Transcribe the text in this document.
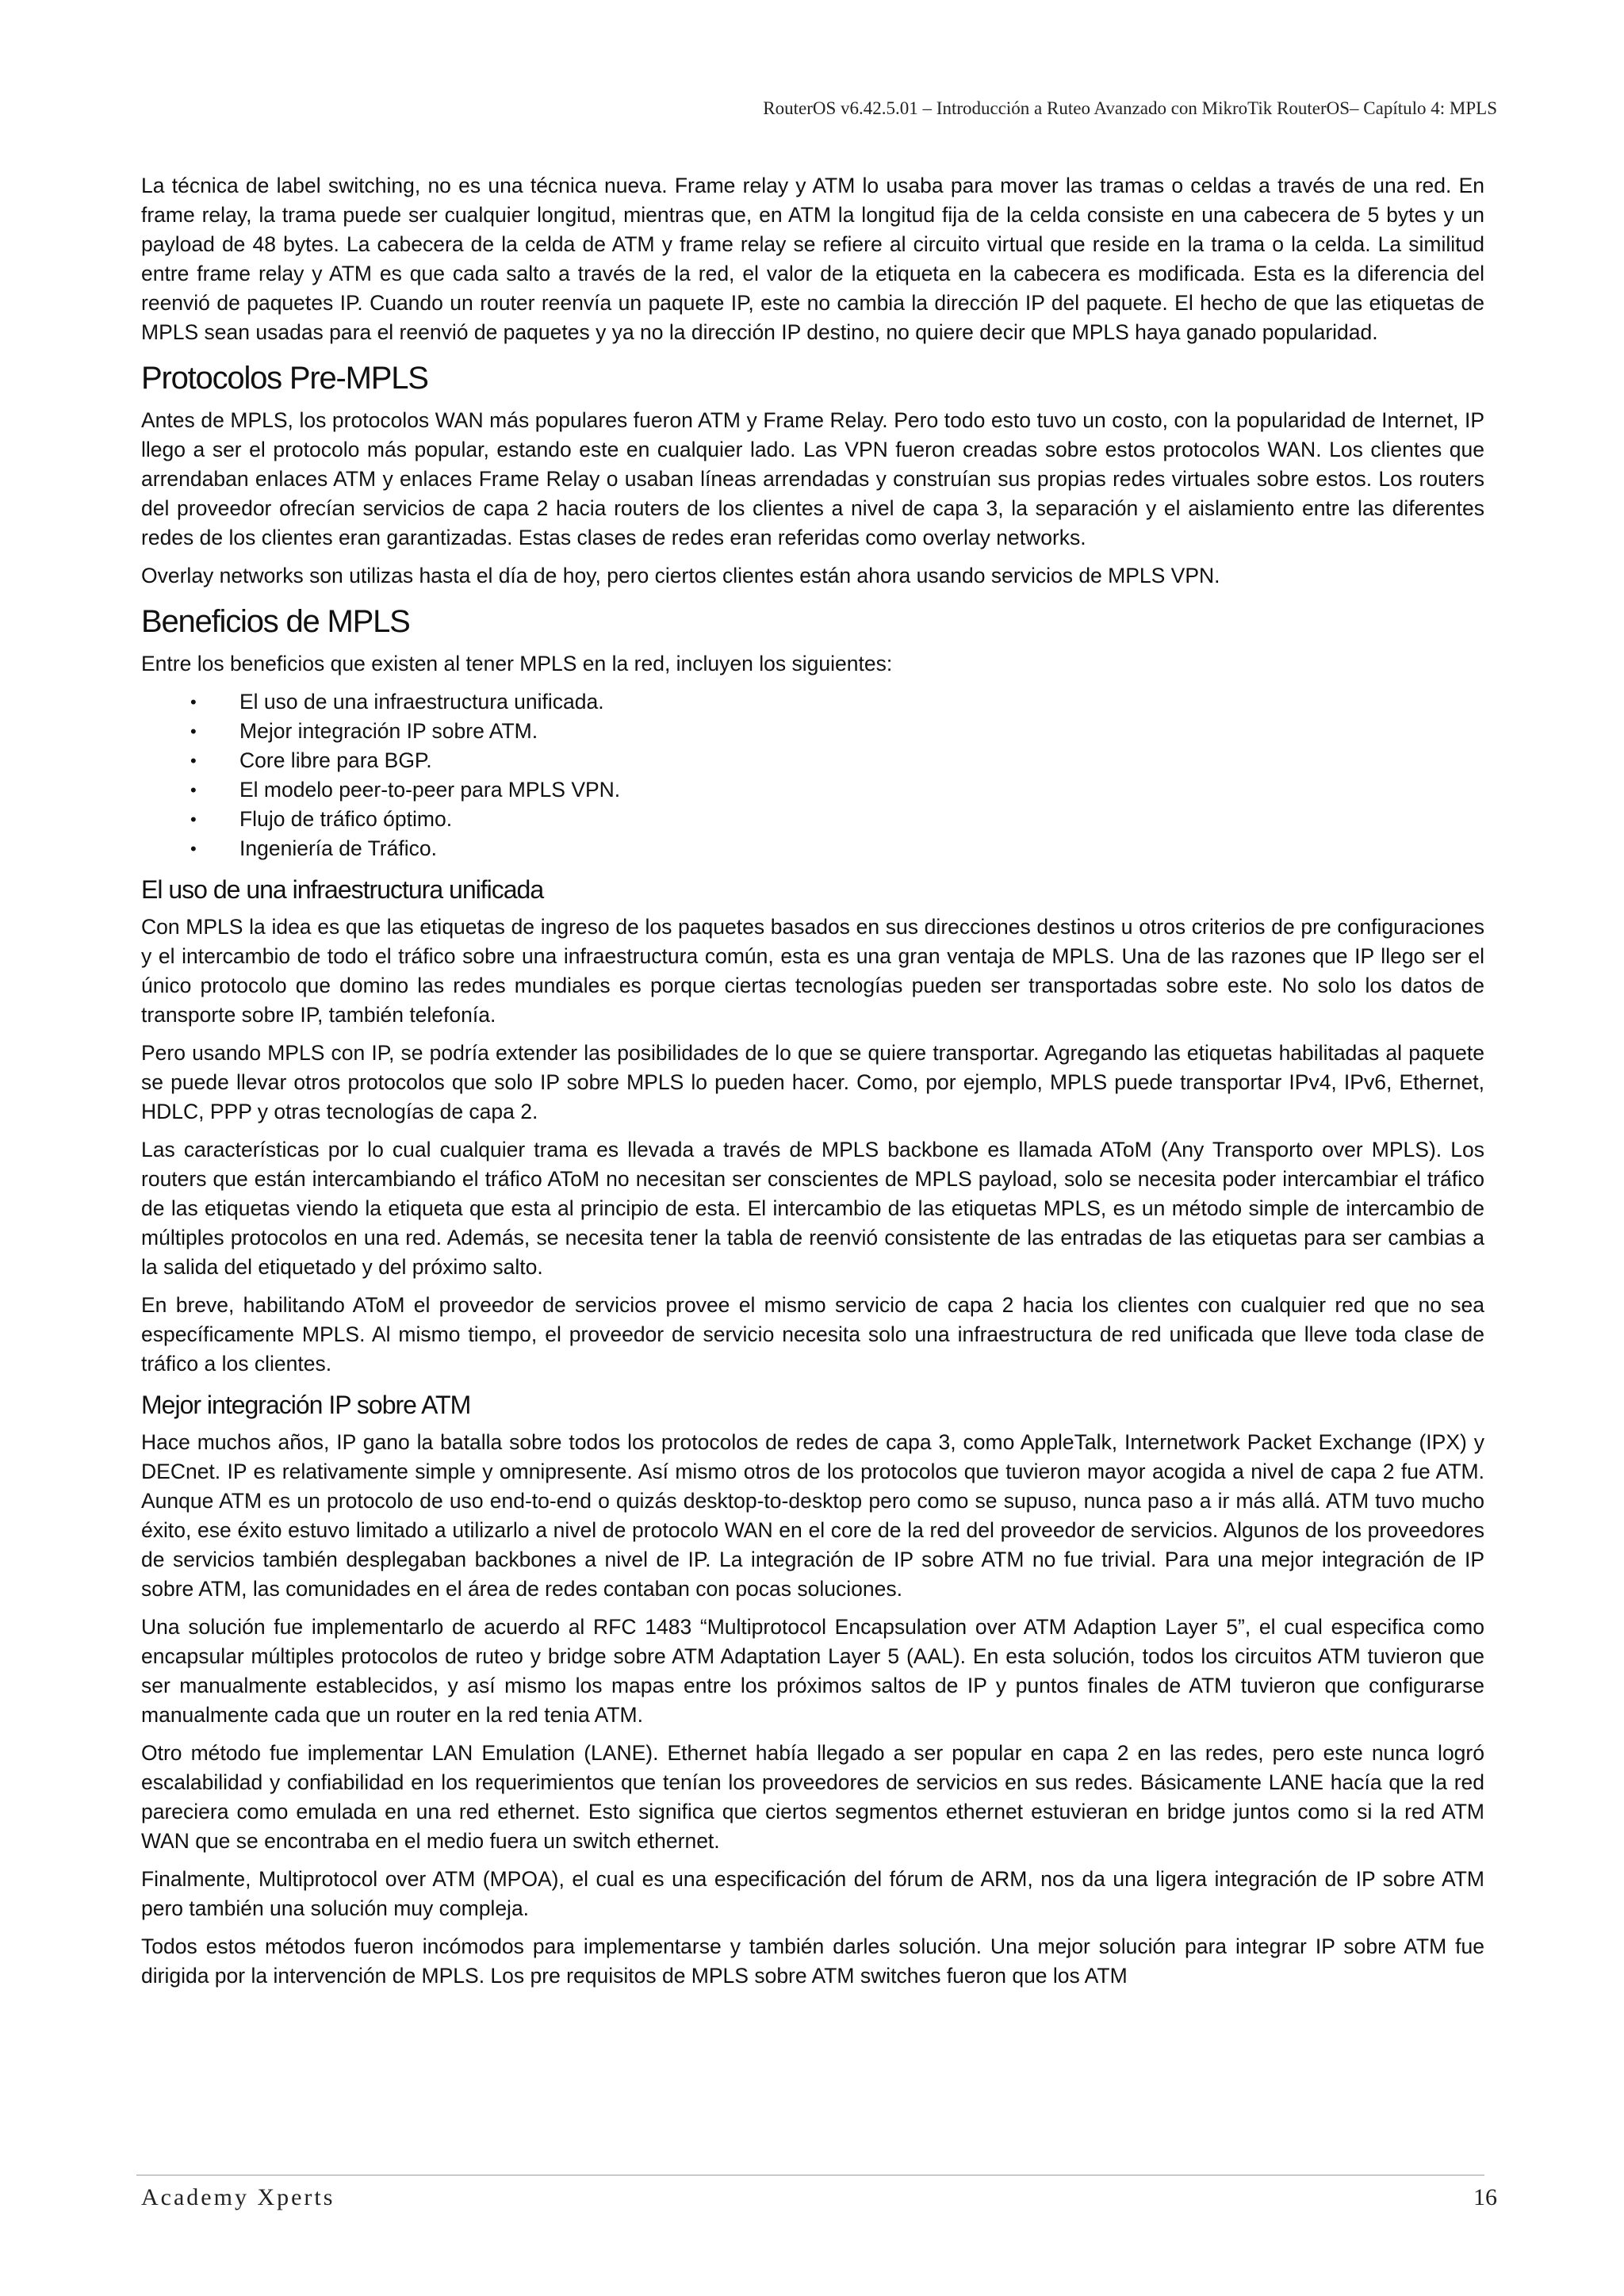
RouterOS v6.42.5.01 – Introducción a Ruteo Avanzado con MikroTik RouterOS– Capítulo 4: MPLS

La técnica de label switching, no es una técnica nueva. Frame relay y ATM lo usaba para mover las tramas o celdas a través de una red. En frame relay, la trama puede ser cualquier longitud, mientras que, en ATM la longitud fija de la celda consiste en una cabecera de 5 bytes y un payload de 48 bytes. La cabecera de la celda de ATM y frame relay se refiere al circuito virtual que reside en la trama o la celda. La similitud entre frame relay y ATM es que cada salto a través de la red, el valor de la etiqueta en la cabecera es modificada. Esta es la diferencia del reenvió de paquetes IP. Cuando un router reenvía un paquete IP, este no cambia la dirección IP del paquete. El hecho de que las etiquetas de MPLS sean usadas para el reenvió de paquetes y ya no la dirección IP destino, no quiere decir que MPLS haya ganado popularidad.

Protocolos Pre-MPLS

Antes de MPLS, los protocolos WAN más populares fueron ATM y Frame Relay. Pero todo esto tuvo un costo, con la popularidad de Internet, IP llego a ser el protocolo más popular, estando este en cualquier lado. Las VPN fueron creadas sobre estos protocolos WAN. Los clientes que arrendaban enlaces ATM y enlaces Frame Relay o usaban líneas arrendadas y construían sus propias redes virtuales sobre estos. Los routers del proveedor ofrecían servicios de capa 2 hacia routers de los clientes a nivel de capa 3, la separación y el aislamiento entre las diferentes redes de los clientes eran garantizadas. Estas clases de redes eran referidas como overlay networks.

Overlay networks son utilizas hasta el día de hoy, pero ciertos clientes están ahora usando servicios de MPLS VPN.

Beneficios de MPLS

Entre los beneficios que existen al tener MPLS en la red, incluyen los siguientes:

• El uso de una infraestructura unificada.
• Mejor integración IP sobre ATM.
• Core libre para BGP.
• El modelo peer-to-peer para MPLS VPN.
• Flujo de tráfico óptimo.
• Ingeniería de Tráfico.
El uso de una infraestructura unificada

Con MPLS la idea es que las etiquetas de ingreso de los paquetes basados en sus direcciones destinos u otros criterios de pre configuraciones y el intercambio de todo el tráfico sobre una infraestructura común, esta es una gran ventaja de MPLS. Una de las razones que IP llego ser el único protocolo que domino las redes mundiales es porque ciertas tecnologías pueden ser transportadas sobre este. No solo los datos de transporte sobre IP, también telefonía.

Pero usando MPLS con IP, se podría extender las posibilidades de lo que se quiere transportar. Agregando las etiquetas habilitadas al paquete se puede llevar otros protocolos que solo IP sobre MPLS lo pueden hacer. Como, por ejemplo, MPLS puede transportar IPv4, IPv6, Ethernet, HDLC, PPP y otras tecnologías de capa 2.

Las características por lo cual cualquier trama es llevada a través de MPLS backbone es llamada AToM (Any Transporto over MPLS). Los routers que están intercambiando el tráfico AToM no necesitan ser conscientes de MPLS payload, solo se necesita poder intercambiar el tráfico de las etiquetas viendo la etiqueta que esta al principio de esta. El intercambio de las etiquetas MPLS, es un método simple de intercambio de múltiples protocolos en una red. Además, se necesita tener la tabla de reenvió consistente de las entradas de las etiquetas para ser cambias a la salida del etiquetado y del próximo salto.

En breve, habilitando AToM el proveedor de servicios provee el mismo servicio de capa 2 hacia los clientes con cualquier red que no sea específicamente MPLS. Al mismo tiempo, el proveedor de servicio necesita solo una infraestructura de red unificada que lleve toda clase de tráfico a los clientes.

Mejor integración IP sobre ATM

Hace muchos años, IP gano la batalla sobre todos los protocolos de redes de capa 3, como AppleTalk, Internetwork Packet Exchange (IPX) y DECnet. IP es relativamente simple y omnipresente. Así mismo otros de los protocolos que tuvieron mayor acogida a nivel de capa 2 fue ATM. Aunque ATM es un protocolo de uso end-to-end o quizás desktop-to-desktop pero como se supuso, nunca paso a ir más allá. ATM tuvo mucho éxito, ese éxito estuvo limitado a utilizarlo a nivel de protocolo WAN en el core de la red del proveedor de servicios. Algunos de los proveedores de servicios también desplegaban backbones a nivel de IP. La integración de IP sobre ATM no fue trivial. Para una mejor integración de IP sobre ATM, las comunidades en el área de redes contaban con pocas soluciones.

Una solución fue implementarlo de acuerdo al RFC 1483 “Multiprotocol Encapsulation over ATM Adaption Layer 5”, el cual especifica como encapsular múltiples protocolos de ruteo y bridge sobre ATM Adaptation Layer 5 (AAL). En esta solución, todos los circuitos ATM tuvieron que ser manualmente establecidos, y así mismo los mapas entre los próximos saltos de IP y puntos finales de ATM tuvieron que configurarse manualmente cada que un router en la red tenia ATM.

Otro método fue implementar LAN Emulation (LANE). Ethernet había llegado a ser popular en capa 2 en las redes, pero este nunca logró escalabilidad y confiabilidad en los requerimientos que tenían los proveedores de servicios en sus redes. Básicamente LANE hacía que la red pareciera como emulada en una red ethernet. Esto significa que ciertos segmentos ethernet estuvieran en bridge juntos como si la red ATM WAN que se encontraba en el medio fuera un switch ethernet.

Finalmente, Multiprotocol over ATM (MPOA), el cual es una especificación del fórum de ARM, nos da una ligera integración de IP sobre ATM pero también una solución muy compleja.

Todos estos métodos fueron incómodos para implementarse y también darles solución. Una mejor solución para integrar IP sobre ATM fue dirigida por la intervención de MPLS. Los pre requisitos de MPLS sobre ATM switches fueron que los ATM

Academy Xperts	16
